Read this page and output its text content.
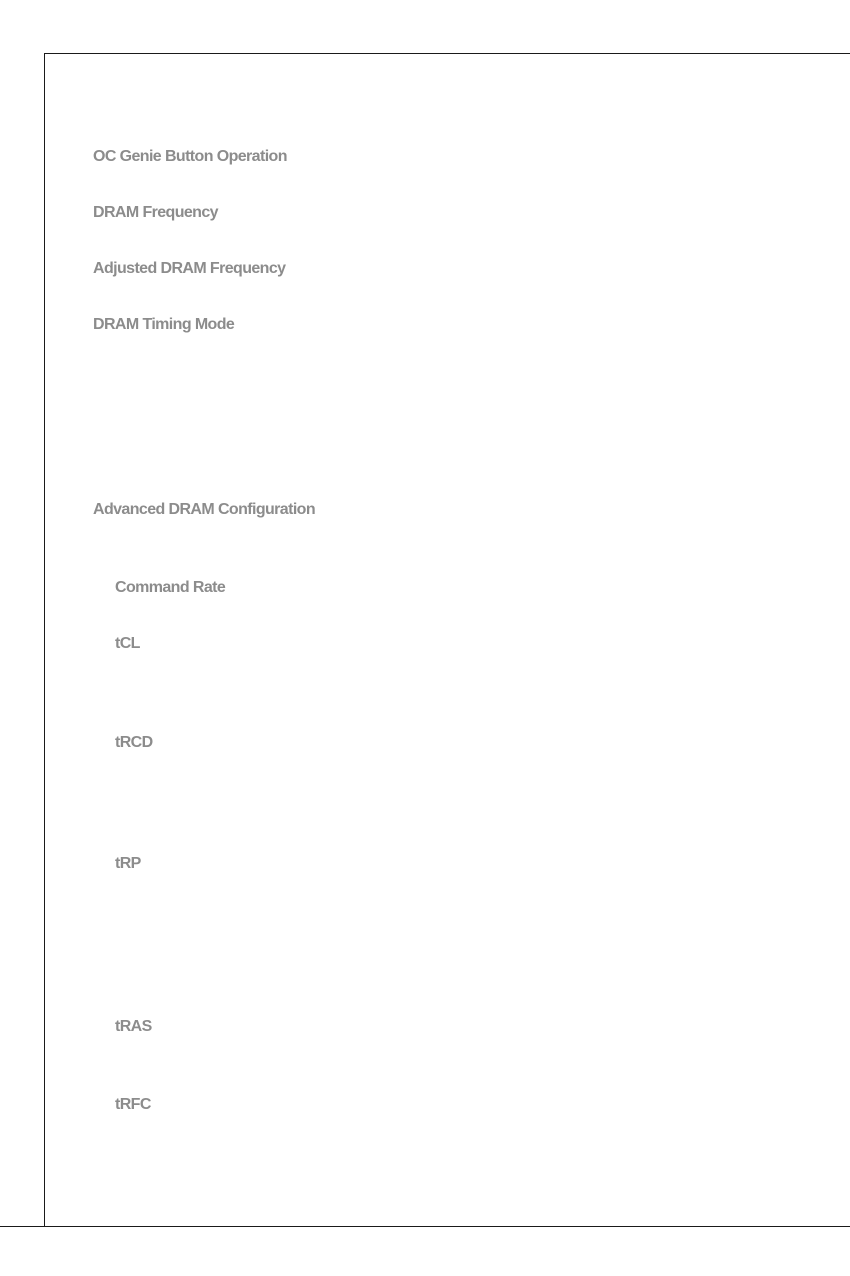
OC Genie Button Operation
DRAM Frequency
Adjusted DRAM Frequency
DRAM Timing Mode
Advanced DRAM Configuration
Command Rate
tCL
tRCD
tRP
tRAS
tRFC
